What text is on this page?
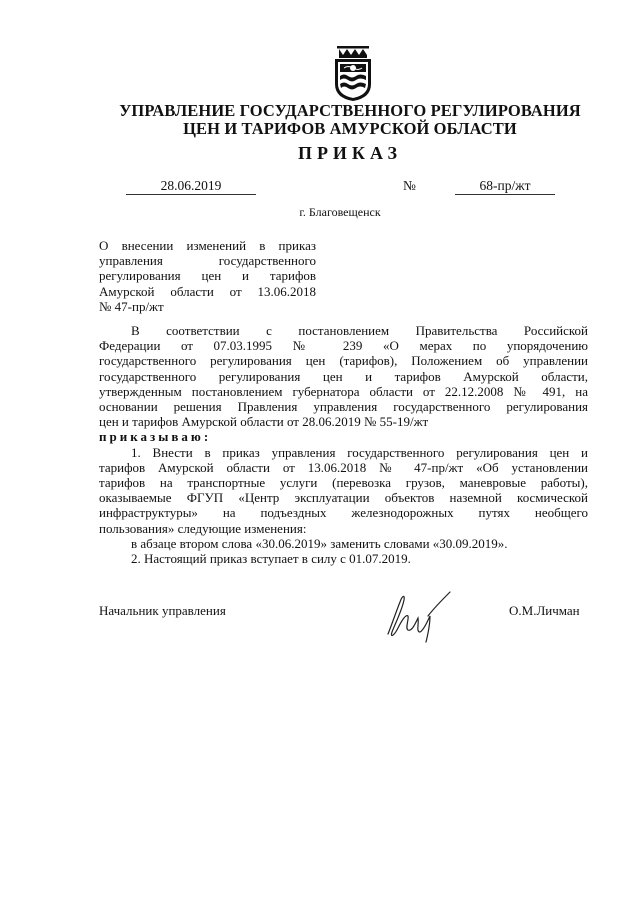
УПРАВЛЕНИЕ ГОСУДАРСТВЕННОГО РЕГУЛИРОВАНИЯ
ЦЕН И ТАРИФОВ АМУРСКОЙ ОБЛАСТИ
ПРИКАЗ
28.06.2019	№	68-пр/жт
г. Благовещенск
О внесении изменений в приказ
управления государственного
регулирования цен и тарифов
Амурской области от 13.06.2018
№ 47-пр/жт
В соответствии с постановлением Правительства Российской
Федерации от 07.03.1995 № 239 «О мерах по упорядочению
государственного регулирования цен (тарифов), Положением об управлении
государственного регулирования цен и тарифов Амурской области,
утвержденным постановлением губернатора области от 22.12.2008 № 491, на
основании решения Правления управления государственного регулирования
цен и тарифов Амурской области от 28.06.2019 № 55-19/жт
приказываю:
1. Внести в приказ управления государственного регулирования цен и
тарифов Амурской области от 13.06.2018 № 47-пр/жт «Об установлении
тарифов на транспортные услуги (перевозка грузов, маневровые работы),
оказываемые ФГУП «Центр эксплуатации объектов наземной космической
инфраструктуры» на подъездных железнодорожных путях необщего
пользования» следующие изменения:
в абзаце втором слова «30.06.2019» заменить словами «30.09.2019».
2. Настоящий приказ вступает в силу с 01.07.2019.
Начальник управления	О.М.Личман
